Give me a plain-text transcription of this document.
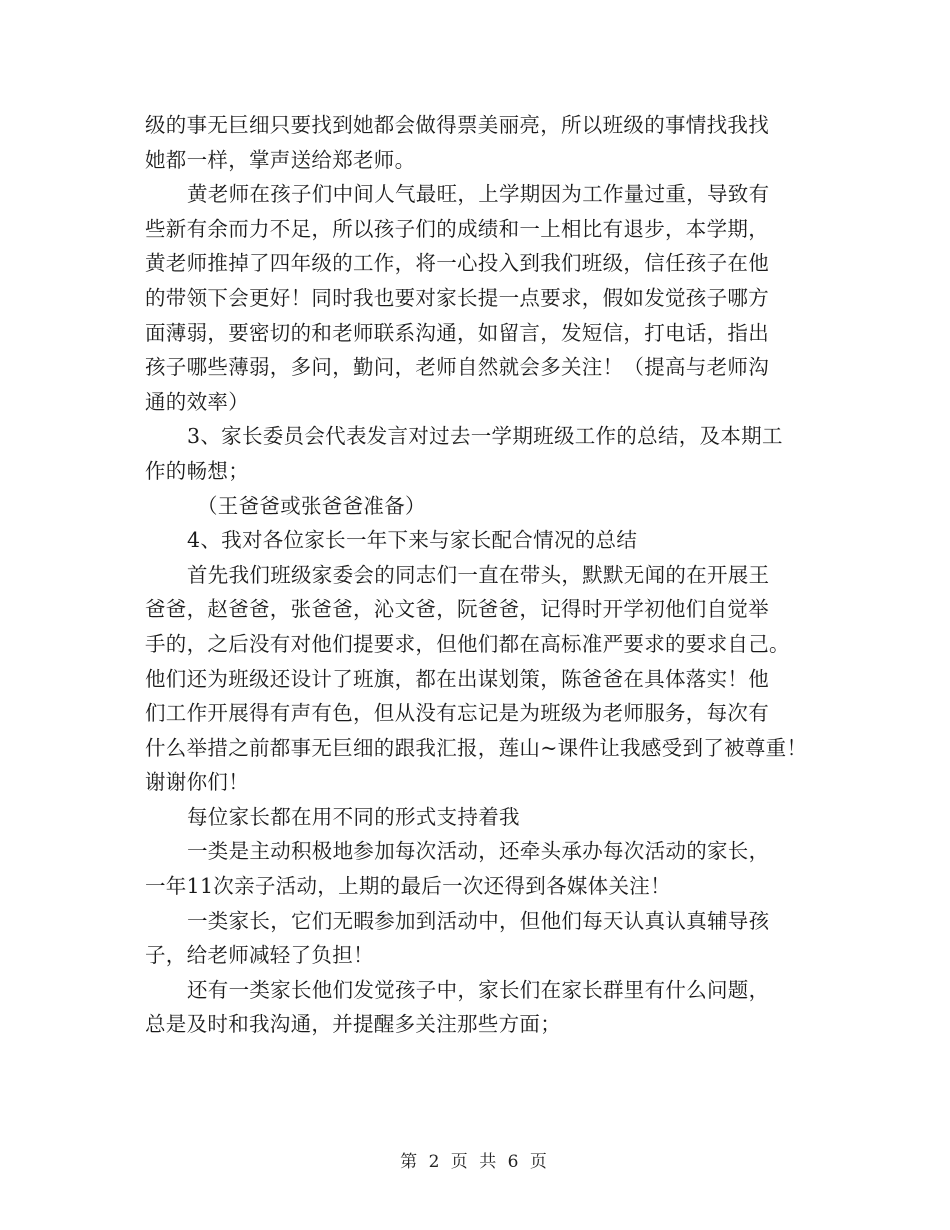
级的事无巨细只要找到她都会做得票美丽亮，所以班级的事情找我找
她都一样，掌声送给郑老师。
黄老师在孩子们中间人气最旺，上学期因为工作量过重，导致有
些新有余而力不足，所以孩子们的成绩和一上相比有退步，本学期，
黄老师推掉了四年级的工作，将一心投入到我们班级，信任孩子在他
的带领下会更好！同时我也要对家长提一点要求，假如发觉孩子哪方
面薄弱，要密切的和老师联系沟通，如留言，发短信，打电话，指出
孩子哪些薄弱，多问，勤问，老师自然就会多关注！（提高与老师沟
通的效率）
3、家长委员会代表发言对过去一学期班级工作的总结，及本期工
作的畅想；
（王爸爸或张爸爸准备）
4、我对各位家长一年下来与家长配合情况的总结
首先我们班级家委会的同志们一直在带头，默默无闻的在开展王
爸爸，赵爸爸，张爸爸，沁文爸，阮爸爸，记得时开学初他们自觉举
手的，之后没有对他们提要求，但他们都在高标准严要求的要求自己。
他们还为班级还设计了班旗，都在出谋划策，陈爸爸在具体落实！他
们工作开展得有声有色，但从没有忘记是为班级为老师服务，每次有
什么举措之前都事无巨细的跟我汇报，莲山~课件让我感受到了被尊重！
谢谢你们！
每位家长都在用不同的形式支持着我
一类是主动积极地参加每次活动，还牵头承办每次活动的家长，
一年11次亲子活动，上期的最后一次还得到各媒体关注！
一类家长，它们无暇参加到活动中，但他们每天认真认真辅导孩
子，给老师减轻了负担！
还有一类家长他们发觉孩子中，家长们在家长群里有什么问题，
总是及时和我沟通，并提醒多关注那些方面；
第 2 页 共 6 页
